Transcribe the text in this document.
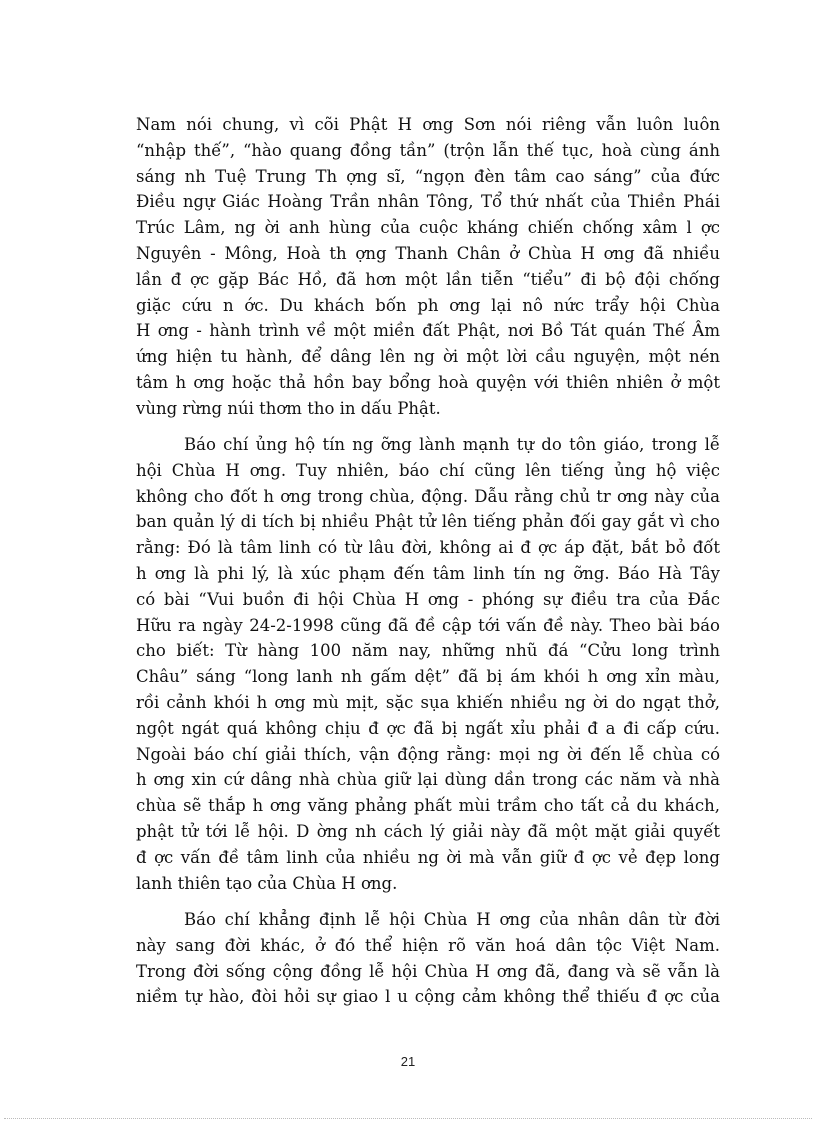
Nam nói chung, vì cõi Phật H ơng Sơn nói riêng vẫn luôn luôn
“nhập thế”, “hào quang đồng tần” (trộn lẫn thế tục, hoà cùng ánh
sáng nh Tuệ Trung Th ợng sĩ, “ngọn đèn tâm cao sáng” của đức
Điều ngự Giác Hoàng Trần nhân Tông, Tổ thứ nhất của Thiền Phái
Trúc Lâm, ng ời anh hùng của cuộc kháng chiến chống xâm l ợc
Nguyên - Mông, Hoà th ợng Thanh Chân ở Chùa H ơng đã nhiều
lần đ ợc gặp Bác Hồ, đã hơn một lần tiễn “tiểu” đi bộ đội chống
giặc cứu n ớc. Du khách bốn ph ơng lại nô nức trẩy hội Chùa
H ơng - hành trình về một miền đất Phật, nơi Bồ Tát quán Thế Âm
ứng hiện tu hành, để dâng lên ng ời một lời cầu nguyện, một nén
tâm h ơng hoặc thả hồn bay bổng hoà quyện với thiên nhiên ở một
vùng rừng núi thơm tho in dấu Phật.
Báo chí ủng hộ tín ng ỡng lành mạnh tự do tôn giáo, trong lễ
hội Chùa H ơng. Tuy nhiên, báo chí cũng lên tiếng ủng hộ việc
không cho đốt h ơng trong chùa, động. Dẫu rằng chủ tr ơng này của
ban quản lý di tích bị nhiều Phật tử lên tiếng phản đối gay gắt vì cho
rằng: Đó là tâm linh có từ lâu đời, không ai đ ợc áp đặt, bắt bỏ đốt
h ơng là phi lý, là xúc phạm đến tâm linh tín ng ỡng. Báo Hà Tây
có bài “Vui buồn đi hội Chùa H ơng - phóng sự điều tra của Đắc
Hữu ra ngày 24-2-1998 cũng đã đề cập tới vấn đề này. Theo bài báo
cho biết: Từ hàng 100 năm nay, những nhũ đá “Cửu long trình
Châu” sáng “long lanh nh gấm dệt” đã bị ám khói h ơng xỉn màu,
rồi cảnh khói h ơng mù mịt, sặc sụa khiến nhiều ng ời do ngạt thở,
ngột ngát quá không chịu đ ợc đã bị ngất xỉu phải đ a đi cấp cứu.
Ngoài báo chí giải thích, vận động rằng: mọi ng ời đến lễ chùa có
h ơng xin cứ dâng nhà chùa giữ lại dùng dần trong các năm và nhà
chùa sẽ thắp h ơng văng phảng phất mùi trầm cho tất cả du khách,
phật tử tới lễ hội. D ờng nh cách lý giải này đã một mặt giải quyết
đ ợc vấn đề tâm linh của nhiều ng ời mà vẫn giữ đ ợc vẻ đẹp long
lanh thiên tạo của Chùa H ơng.
Báo chí khẳng định lễ hội Chùa H ơng của nhân dân từ đời
này sang đời khác, ở đó thể hiện rõ văn hoá dân tộc Việt Nam.
Trong đời sống cộng đồng lễ hội Chùa H ơng đã, đang và sẽ vẫn là
niềm tự hào, đòi hỏi sự giao l u cộng cảm không thể thiếu đ ợc của
21
